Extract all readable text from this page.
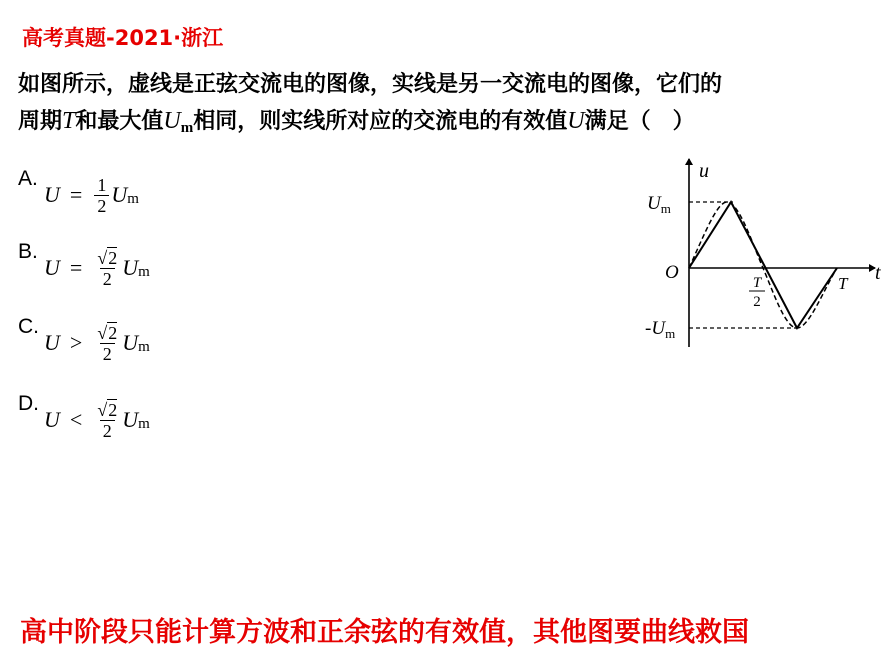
高考真题-2021·浙江
如图所示，虚线是正弦交流电的图像，实线是另一交流电的图像，它们的
周期T和最大值Um相同，则实线所对应的交流电的有效值U满足（　）
A.
$U = \frac{1}{2}$ U m
B.
$U = \frac{√2}{2}$ U m
C.
$U > \frac{√2}{2}$ U m
D.
$U < \frac{√2}{2}$ U m
u
t
O
$U_m$
$-U_m$
T
2
T
高中阶段只能计算方波和正余弦的有效值，其他图要曲线救国
